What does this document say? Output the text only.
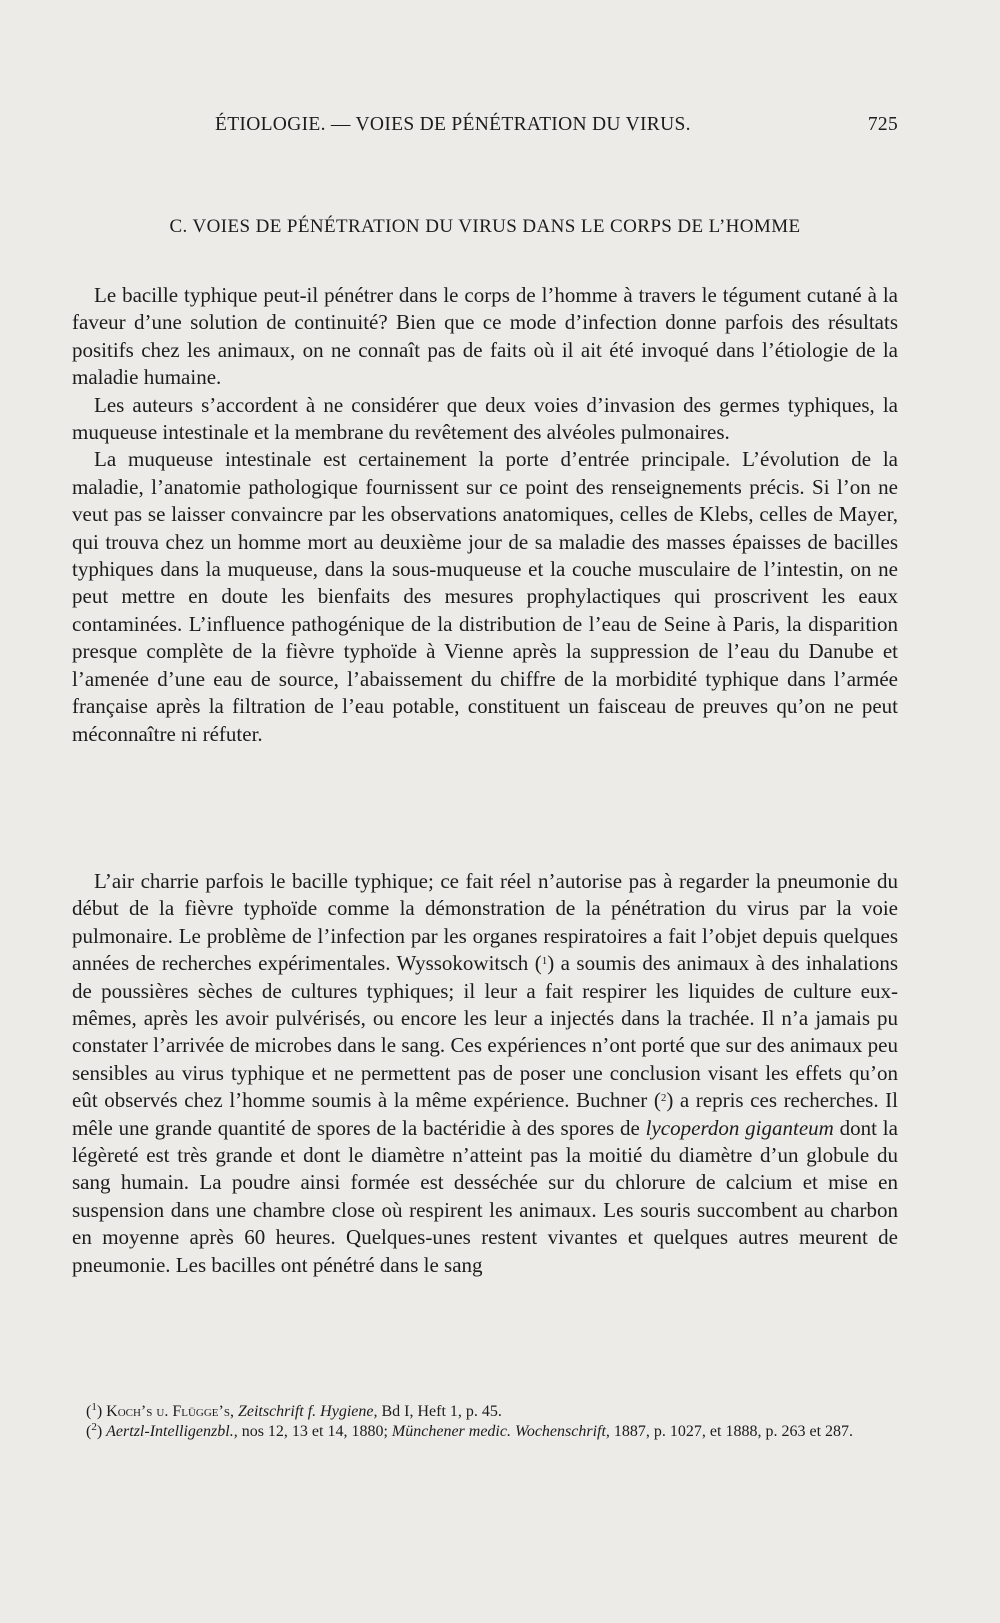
ÉTIOLOGIE. — VOIES DE PÉNÉTRATION DU VIRUS.	725
C. VOIES DE PÉNÉTRATION DU VIRUS DANS LE CORPS DE L’HOMME

Le bacille typhique peut-il pénétrer dans le corps de l’homme à travers le tégument cutané à la faveur d’une solution de continuité? Bien que ce mode d’infection donne parfois des résultats positifs chez les animaux, on ne connaît pas de faits où il ait été invoqué dans l’étiologie de la maladie humaine.

Les auteurs s’accordent à ne considérer que deux voies d’invasion des germes typhiques, la muqueuse intestinale et la membrane du revêtement des alvéoles pulmonaires.

La muqueuse intestinale est certainement la porte d’entrée principale. L’évolution de la maladie, l’anatomie pathologique fournissent sur ce point des renseignements précis. Si l’on ne veut pas se laisser convaincre par les observations anatomiques, celles de Klebs, celles de Mayer, qui trouva chez un homme mort au deuxième jour de sa maladie des masses épaisses de bacilles typhiques dans la muqueuse, dans la sous-muqueuse et la couche musculaire de l’intestin, on ne peut mettre en doute les bienfaits des mesures prophylactiques qui proscrivent les eaux contaminées. L’influence pathogénique de la distribution de l’eau de Seine à Paris, la disparition presque complète de la fièvre typhoïde à Vienne après la suppression de l’eau du Danube et l’amenée d’une eau de source, l’abaissement du chiffre de la morbidité typhique dans l’armée française après la filtration de l’eau potable, constituent un faisceau de preuves qu’on ne peut méconnaître ni réfuter.

L’air charrie parfois le bacille typhique; ce fait réel n’autorise pas à regarder la pneumonie du début de la fièvre typhoïde comme la démonstration de la pénétration du virus par la voie pulmonaire. Le problème de l’infection par les organes respiratoires a fait l’objet depuis quelques années de recherches expérimentales. Wyssokowitsch ($^1$) a soumis des animaux à des inhalations de poussières sèches de cultures typhiques; il leur a fait respirer les liquides de culture eux-mêmes, après les avoir pulvérisés, ou encore les leur a injectés dans la trachée. Il n’a jamais pu constater l’arrivée de microbes dans le sang. Ces expériences n’ont porté que sur des animaux peu sensibles au virus typhique et ne permettent pas de poser une conclusion visant les effets qu’on eût observés chez l’homme soumis à la même expérience. Buchner ($^2$) a repris ces recherches. Il mêle une grande quantité de spores de la bactéridie à des spores de lycoperdon giganteum dont la légèreté est très grande et dont le diamètre n’atteint pas la moitié du diamètre d’un globule du sang humain. La poudre ainsi formée est desséchée sur du chlorure de calcium et mise en suspension dans une chambre close où respirent les animaux. Les souris succombent au charbon en moyenne après 60 heures. Quelques-unes restent vivantes et quelques autres meurent de pneumonie. Les bacilles ont pénétré dans le sang

($^1$) Koch’s u. Flügge’s, Zeitschrift f. Hygiene, Bd I, Heft 1, p. 45.

($^2$) Aertzl-Intelligenzbl., nos 12, 13 et 14, 1880; Münchener medic. Wochenschrift, 1887, p. 1027, et 1888, p. 263 et 287.
